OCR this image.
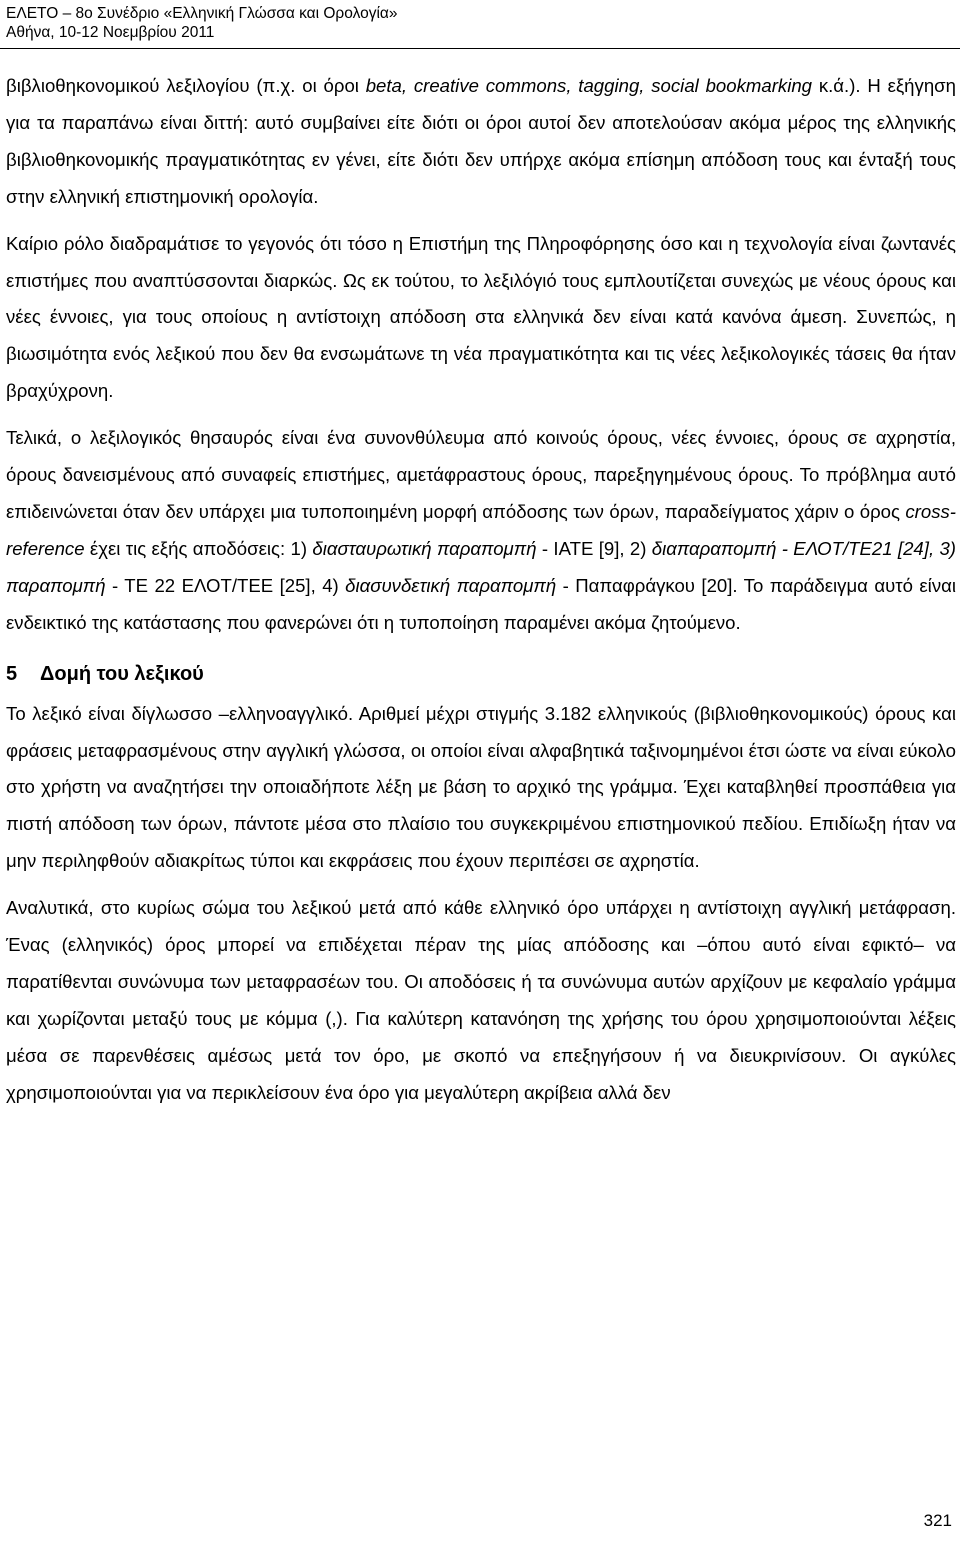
ΕΛΕΤΟ – 8ο Συνέδριο «Ελληνική Γλώσσα και Ορολογία»
Αθήνα, 10-12 Νοεμβρίου 2011

βιβλιοθηκονομικού λεξιλογίου (π.χ. οι όροι beta, creative commons, tagging, social bookmarking κ.ά.). Η εξήγηση για τα παραπάνω είναι διττή: αυτό συμβαίνει είτε διότι οι όροι αυτοί δεν αποτελούσαν ακόμα μέρος της ελληνικής βιβλιοθηκονομικής πραγματικότητας εν γένει, είτε διότι δεν υπήρχε ακόμα επίσημη απόδοση τους και ένταξή τους στην ελληνική επιστημονική ορολογία.

Καίριο ρόλο διαδραμάτισε το γεγονός ότι τόσο η Επιστήμη της Πληροφόρησης όσο και η τεχνολογία είναι ζωντανές επιστήμες που αναπτύσσονται διαρκώς. Ως εκ τούτου, το λεξιλόγιό τους εμπλουτίζεται συνεχώς με νέους όρους και νέες έννοιες, για τους οποίους η αντίστοιχη απόδοση στα ελληνικά δεν είναι κατά κανόνα άμεση. Συνεπώς, η βιωσιμότητα ενός λεξικού που δεν θα ενσωμάτωνε τη νέα πραγματικότητα και τις νέες λεξικολογικές τάσεις θα ήταν βραχύχρονη.

Τελικά, ο λεξιλογικός θησαυρός είναι ένα συνονθύλευμα από κοινούς όρους, νέες έννοιες, όρους σε αχρηστία, όρους δανεισμένους από συναφείς επιστήμες, αμετάφραστους όρους, παρεξηγημένους όρους. Το πρόβλημα αυτό επιδεινώνεται όταν δεν υπάρχει μια τυποποιημένη μορφή απόδοσης των όρων, παραδείγματος χάριν ο όρος cross-reference έχει τις εξής αποδόσεις: 1) διασταυρωτική παραπομπή - IATE [9], 2) διαπαραπομπή - ΕΛΟΤ/ΤΕ21 [24], 3) παραπομπή - ΤΕ 22 ΕΛΟΤ/ΤΕΕ [25], 4) διασυνδετική παραπομπή - Παπαφράγκου [20]. Το παράδειγμα αυτό είναι ενδεικτικό της κατάστασης που φανερώνει ότι η τυποποίηση παραμένει ακόμα ζητούμενο.

5 Δομή του λεξικού

Το λεξικό είναι δίγλωσσο –ελληνοαγγλικό. Αριθμεί μέχρι στιγμής 3.182 ελληνικούς (βιβλιοθηκονομικούς) όρους και φράσεις μεταφρασμένους στην αγγλική γλώσσα, οι οποίοι είναι αλφαβητικά ταξινομημένοι έτσι ώστε να είναι εύκολο στο χρήστη να αναζητήσει την οποιαδήποτε λέξη με βάση το αρχικό της γράμμα. Έχει καταβληθεί προσπάθεια για πιστή απόδοση των όρων, πάντοτε μέσα στο πλαίσιο του συγκεκριμένου επιστημονικού πεδίου. Επιδίωξη ήταν να μην περιληφθούν αδιακρίτως τύποι και εκφράσεις που έχουν περιπέσει σε αχρηστία.

Αναλυτικά, στο κυρίως σώμα του λεξικού μετά από κάθε ελληνικό όρο υπάρχει η αντίστοιχη αγγλική μετάφραση. Ένας (ελληνικός) όρος μπορεί να επιδέχεται πέραν της μίας απόδοσης και –όπου αυτό είναι εφικτό– να παρατίθενται συνώνυμα των μεταφρασέων του. Οι αποδόσεις ή τα συνώνυμα αυτών αρχίζουν με κεφαλαίο γράμμα και χωρίζονται μεταξύ τους με κόμμα (,). Για καλύτερη κατανόηση της χρήσης του όρου χρησιμοποιούνται λέξεις μέσα σε παρενθέσεις αμέσως μετά τον όρο, με σκοπό να επεξηγήσουν ή να διευκρινίσουν. Οι αγκύλες χρησιμοποιούνται για να περικλείσουν ένα όρο για μεγαλύτερη ακρίβεια αλλά δεν

321
